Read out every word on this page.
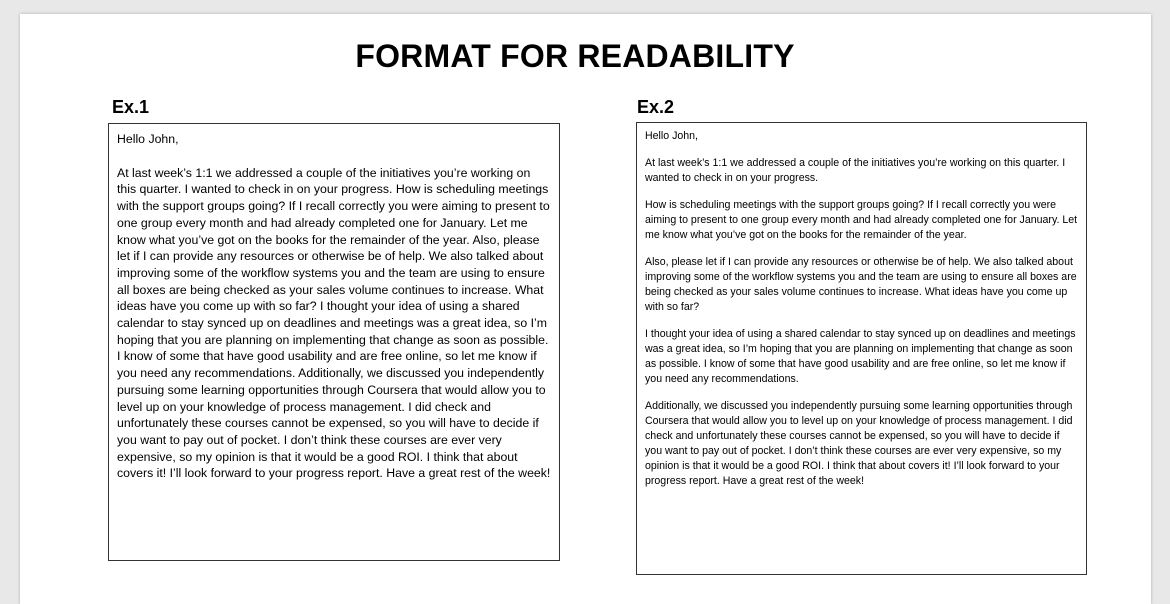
FORMAT FOR READABILITY
Ex.1	Ex.2

Hello John,

At last week’s 1:1 we addressed a couple of the initiatives you’re working on this quarter. I wanted to check in on your progress. How is scheduling meetings with the support groups going? If I recall correctly you were aiming to present to one group every month and had already completed one for January. Let me know what you’ve got on the books for the remainder of the year. Also, please let if I can provide any resources or otherwise be of help. We also talked about improving some of the workflow systems you and the team are using to ensure all boxes are being checked as your sales volume continues to increase. What ideas have you come up with so far? I thought your idea of using a shared calendar to stay synced up on deadlines and meetings was a great idea, so I’m hoping that you are planning on implementing that change as soon as possible. I know of some that have good usability and are free online, so let me know if you need any recommendations. Additionally, we discussed you independently pursuing some learning opportunities through Coursera that would allow you to level up on your knowledge of process management. I did check and unfortunately these courses cannot be expensed, so you will have to decide if you want to pay out of pocket. I don’t think these courses are ever very expensive, so my opinion is that it would be a good ROI. I think that about covers it! I’ll look forward to your progress report. Have a great rest of the week!

Hello John,

At last week’s 1:1 we addressed a couple of the initiatives you’re working on this quarter. I wanted to check in on your progress.

How is scheduling meetings with the support groups going? If I recall correctly you were aiming to present to one group every month and had already completed one for January. Let me know what you’ve got on the books for the remainder of the year.

Also, please let if I can provide any resources or otherwise be of help. We also talked about improving some of the workflow systems you and the team are using to ensure all boxes are being checked as your sales volume continues to increase. What ideas have you come up with so far?

I thought your idea of using a shared calendar to stay synced up on deadlines and meetings was a great idea, so I’m hoping that you are planning on implementing that change as soon as possible. I know of some that have good usability and are free online, so let me know if you need any recommendations.

Additionally, we discussed you independently pursuing some learning opportunities through Coursera that would allow you to level up on your knowledge of process management. I did check and unfortunately these courses cannot be expensed, so you will have to decide if you want to pay out of pocket. I don’t think these courses are ever very expensive, so my opinion is that it would be a good ROI. I think that about covers it! I’ll look forward to your progress report. Have a great rest of the week!
